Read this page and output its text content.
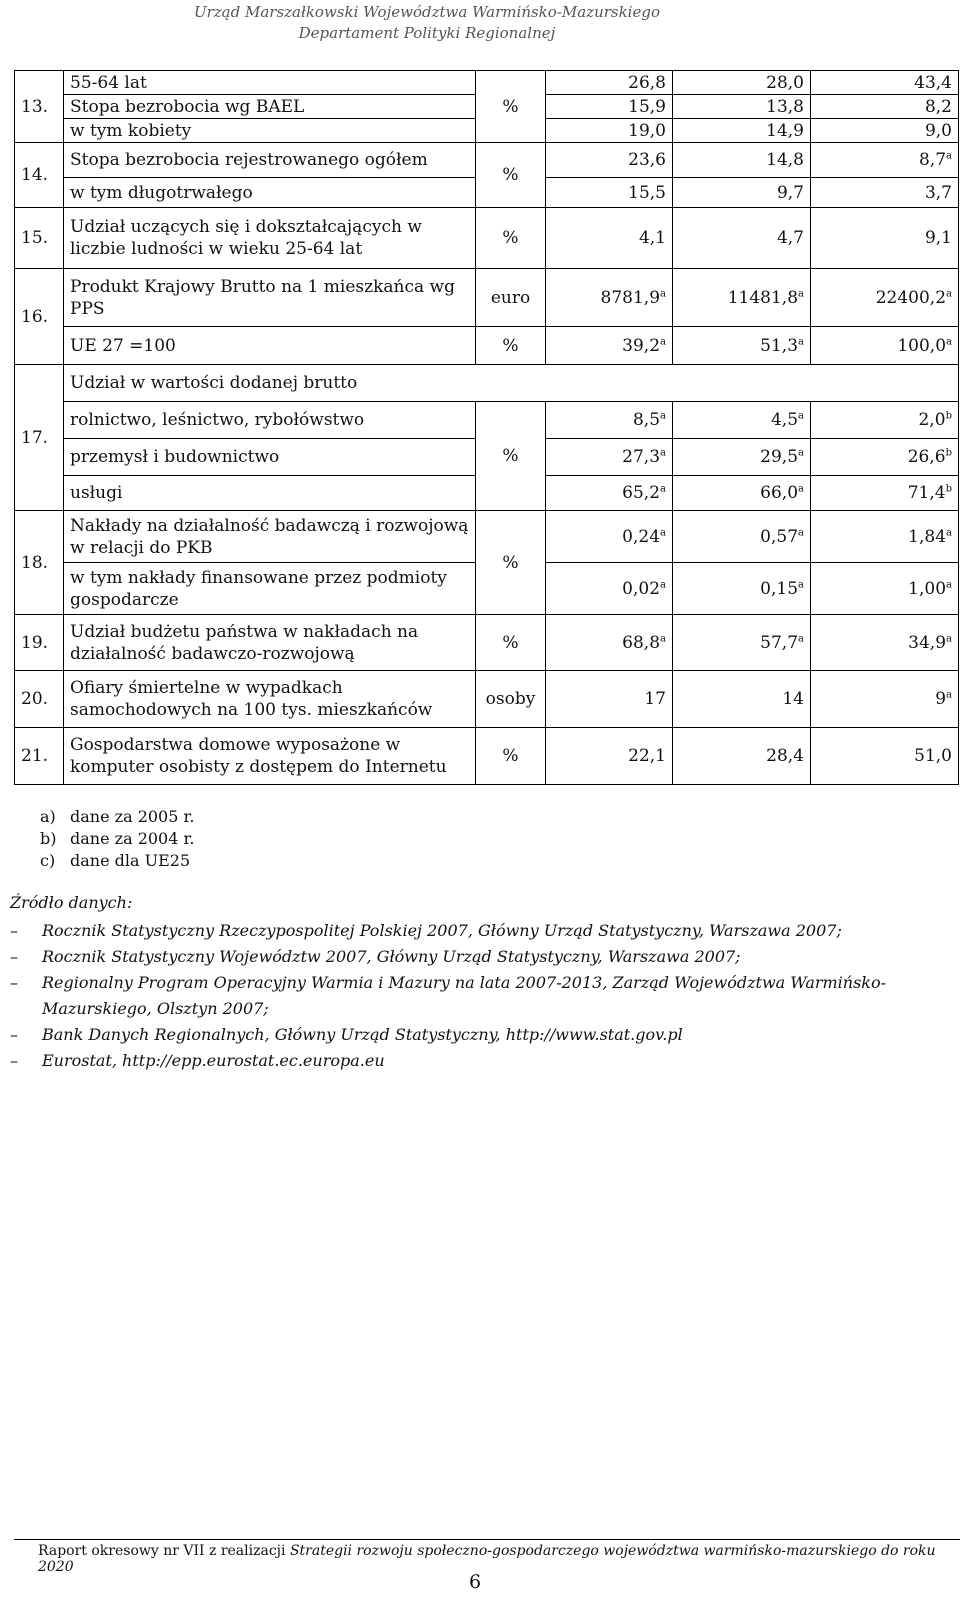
Urząd Marszałkowski Województwa Warmińsko-Mazurskiego
Departament Polityki Regionalnej
13.	55-64 lat	%	26,8	28,0	43,4
	Stopa bezrobocia wg BAEL		15,9	13,8	8,2
	w tym kobiety		19,0	14,9	9,0
14.	Stopa bezrobocia rejestrowanego ogółem	%	23,6	14,8	8,7$^a$
	w tym długotrwałego		15,5	9,7	3,7
15.	Udział uczących się i dokształcających w liczbie ludności w wieku 25-64 lat	%	4,1	4,7	9,1
16.	Produkt Krajowy Brutto na 1 mieszkańca wg PPS	euro	8781,9$^a$	11481,8$^a$	22400,2$^a$
	UE 27 =100	%	39,2$^a$	51,3$^a$	100,0$^a$
17.	Udział w wartości dodanej brutto				
	rolnictwo, leśnictwo, rybołówstwo	%	8,5$^a$	4,5$^a$	2,0$^b$
	przemysł i budownictwo		27,3$^a$	29,5$^a$	26,6$^b$
	usługi		65,2$^a$	66,0$^a$	71,4$^b$
18.	Nakłady na działalność badawczą i rozwojową w relacji do PKB	%	0,24$^a$	0,57$^a$	1,84$^a$
	w tym nakłady finansowane przez podmioty gospodarcze		0,02$^a$	0,15$^a$	1,00$^a$
19.	Udział budżetu państwa w nakładach na działalność badawczo-rozwojową	%	68,8$^a$	57,7$^a$	34,9$^a$
20.	Ofiary śmiertelne w wypadkach samochodowych na 100 tys. mieszkańców	osoby	17	14	9$^a$
21.	Gospodarstwa domowe wyposażone w komputer osobisty z dostępem do Internetu	%	22,1	28,4	51,0
a) dane za 2005 r.
b) dane za 2004 r.
c) dane dla UE25
Źródło danych:
– Rocznik Statystyczny Rzeczypospolitej Polskiej 2007, Główny Urząd Statystyczny, Warszawa 2007;
– Rocznik Statystyczny Województw 2007, Główny Urząd Statystyczny, Warszawa 2007;
– Regionalny Program Operacyjny Warmia i Mazury na lata 2007-2013, Zarząd Województwa Warmińsko-Mazurskiego, Olsztyn 2007;
– Bank Danych Regionalnych, Główny Urząd Statystyczny, http://www.stat.gov.pl
– Eurostat, http://epp.eurostat.ec.europa.eu
Raport okresowy nr VII z realizacji Strategii rozwoju społeczno-gospodarczego województwa warmińsko-mazurskiego do roku 2020
6
